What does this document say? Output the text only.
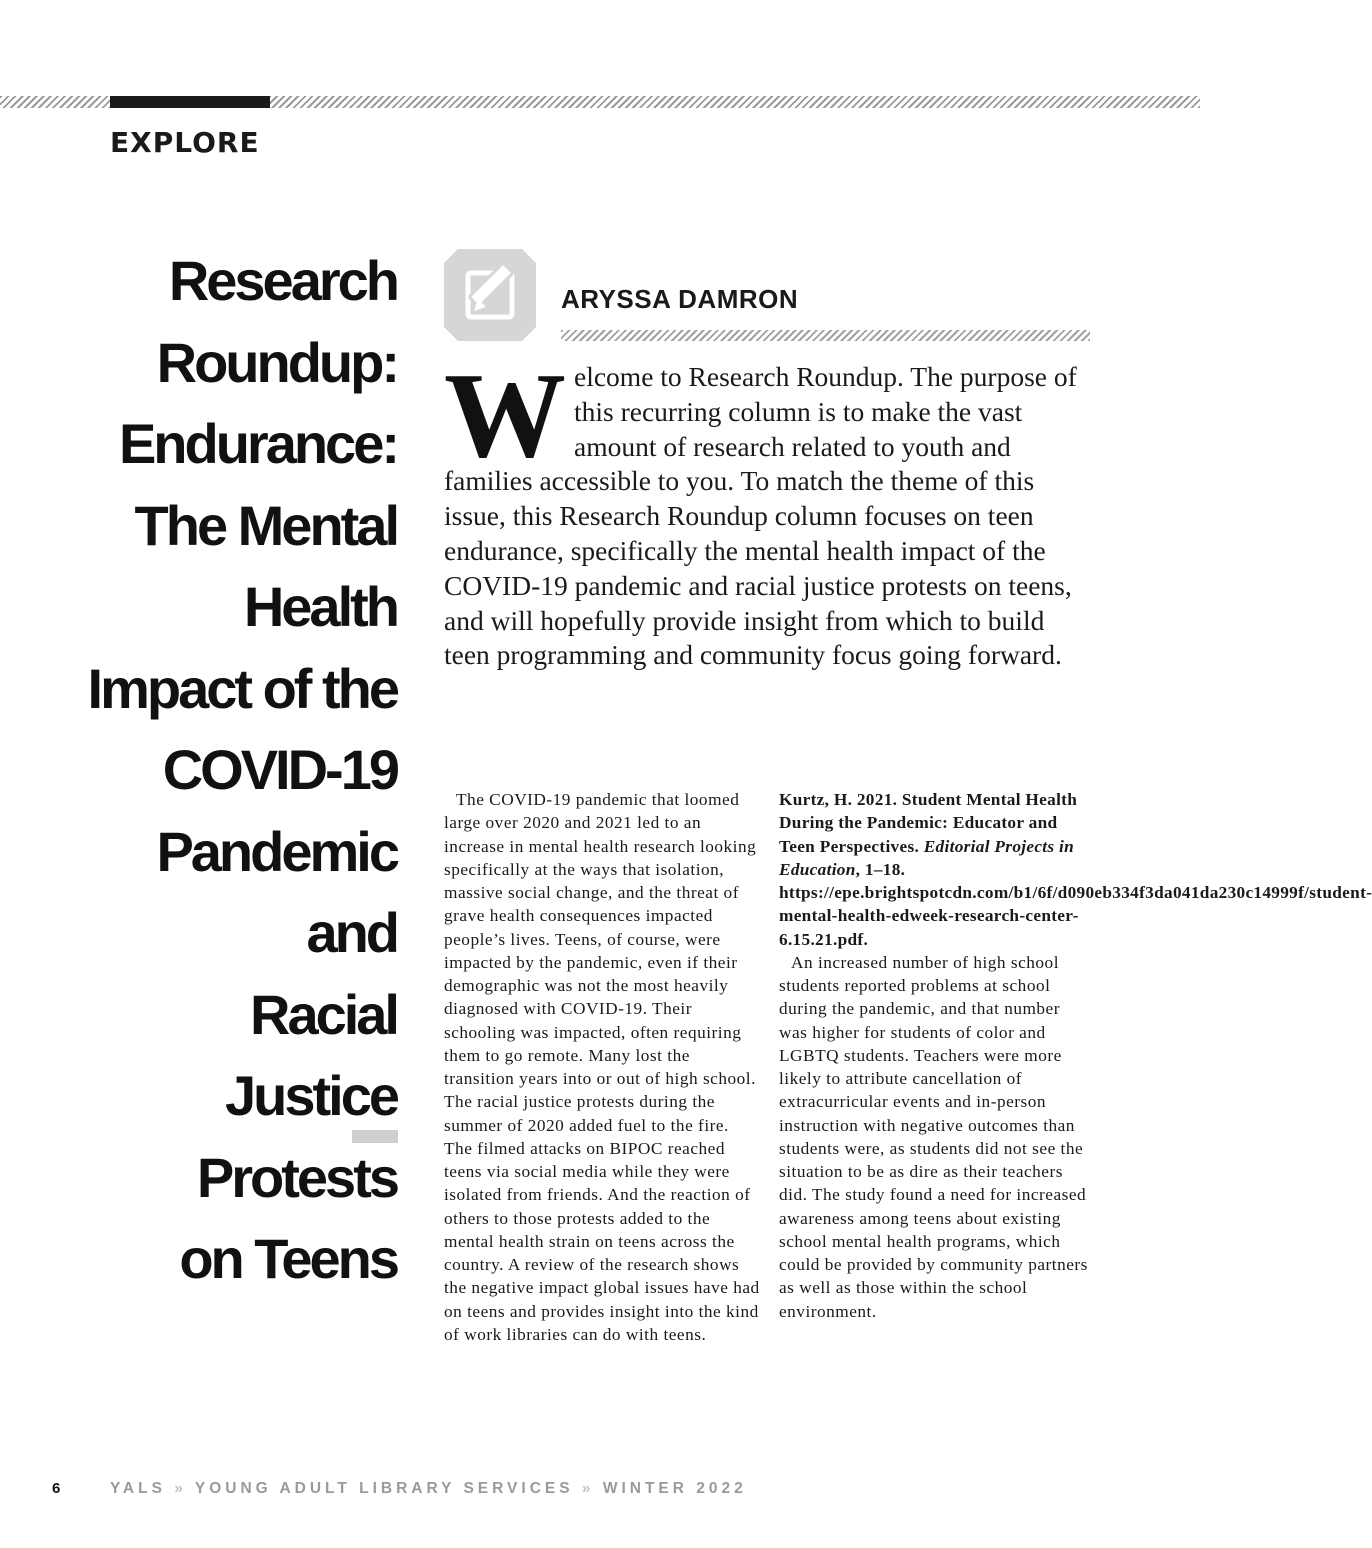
EXPLORE
Research
Roundup:
Endurance:
The Mental
Health
Impact of the
COVID-19
Pandemic and
Racial Justice
Protests
on Teens
ARYSSA DAMRON

Welcome to Research Roundup. The purpose of this recurring column is to make the vast amount of research related to youth and families accessible to you. To match the theme of this issue, this Research Roundup column focuses on teen endurance, specifically the mental health impact of the COVID-19 pandemic and racial justice protests on teens, and will hopefully provide insight from which to build teen programming and community focus going forward.

The COVID-19 pandemic that loomed large over 2020 and 2021 led to an increase in mental health research looking specifically at the ways that isolation, massive social change, and the threat of grave health consequences impacted people’s lives. Teens, of course, were impacted by the pandemic, even if their demographic was not the most heavily diagnosed with COVID-19. Their schooling was impacted, often requiring them to go remote. Many lost the transition years into or out of high school. The racial justice protests during the summer of 2020 added fuel to the fire. The filmed attacks on BIPOC reached teens via social media while they were isolated from friends. And the reaction of others to those protests added to the mental health strain on teens across the country. A review of the research shows the negative impact global issues have had on teens and provides insight into the kind of work libraries can do with teens.

Kurtz, H. 2021. Student Mental Health During the Pandemic: Educator and Teen Perspectives. Editorial Projects in Education, 1–18. https://epe.brightspotcdn.com/b1/6f/d090eb334f3da041da230c14999f/student-mental-health-edweek-research-center-6.15.21.pdf.

An increased number of high school students reported problems at school during the pandemic, and that number was higher for students of color and LGBTQ students. Teachers were more likely to attribute cancellation of extracurricular events and in-person instruction with negative outcomes than students were, as students did not see the situation to be as dire as their teachers did. The study found a need for increased awareness among teens about existing school mental health programs, which could be provided by community partners as well as those within the school environment.

6	YALS » YOUNG ADULT LIBRARY SERVICES » WINTER 2022
